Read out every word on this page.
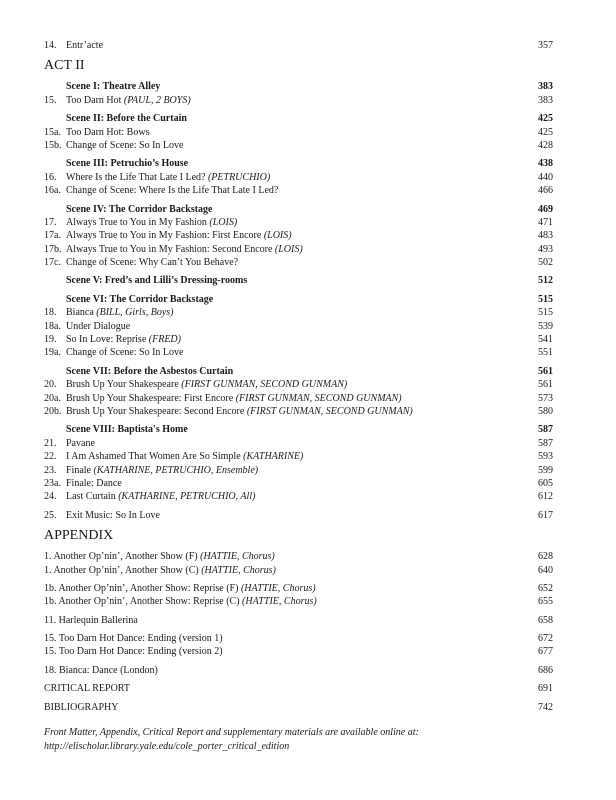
14. Entr’acte	357
ACT II
Scene I: Theatre Alley	383
15. Too Darn Hot (PAUL, 2 BOYS)	383
Scene II: Before the Curtain	425
15a. Too Darn Hot: Bows	425
15b. Change of Scene: So In Love	428
Scene III: Petruchio’s House	438
16. Where Is the Life That Late I Led? (PETRUCHIO)	440
16a. Change of Scene: Where Is the Life That Late I Led?	466
Scene IV: The Corridor Backstage	469
17. Always True to You in My Fashion (LOIS)	471
17a. Always True to You in My Fashion: First Encore (LOIS)	483
17b. Always True to You in My Fashion: Second Encore (LOIS)	493
17c. Change of Scene: Why Can’t You Behave?	502
Scene V: Fred’s and Lilli’s Dressing-rooms	512
Scene VI: The Corridor Backstage	515
18. Bianca (BILL, Girls, Boys)	515
18a. Under Dialogue	539
19. So In Love: Reprise (FRED)	541
19a. Change of Scene: So In Love	551
Scene VII: Before the Asbestos Curtain	561
20. Brush Up Your Shakespeare (FIRST GUNMAN, SECOND GUNMAN)	561
20a. Brush Up Your Shakespeare: First Encore (FIRST GUNMAN, SECOND GUNMAN)	573
20b. Brush Up Your Shakespeare: Second Encore (FIRST GUNMAN, SECOND GUNMAN)	580
Scene VIII: Baptista's Home	587
21. Pavane	587
22. I Am Ashamed That Women Are So Simple (KATHARINE)	593
23. Finale (KATHARINE, PETRUCHIO, Ensemble)	599
23a. Finale: Dance	605
24. Last Curtain (KATHARINE, PETRUCHIO, All)	612
25. Exit Music: So In Love	617
APPENDIX
1. Another Op’nin’, Another Show (F) (HATTIE, Chorus)	628
1. Another Op’nin’, Another Show (C) (HATTIE, Chorus)	640
1b. Another Op’nin’, Another Show: Reprise (F) (HATTIE, Chorus)	652
1b. Another Op’nin’, Another Show: Reprise (C) (HATTIE, Chorus)	655
11. Harlequin Ballerina	658
15. Too Darn Hot Dance: Ending (version 1)	672
15. Too Darn Hot Dance: Ending (version 2)	677
18. Bianca: Dance (London)	686
CRITICAL REPORT	691
BIBLIOGRAPHY	742
Front Matter, Appendix, Critical Report and supplementary materials are available online at:
http://elischolar.library.yale.edu/cole_porter_critical_edition
